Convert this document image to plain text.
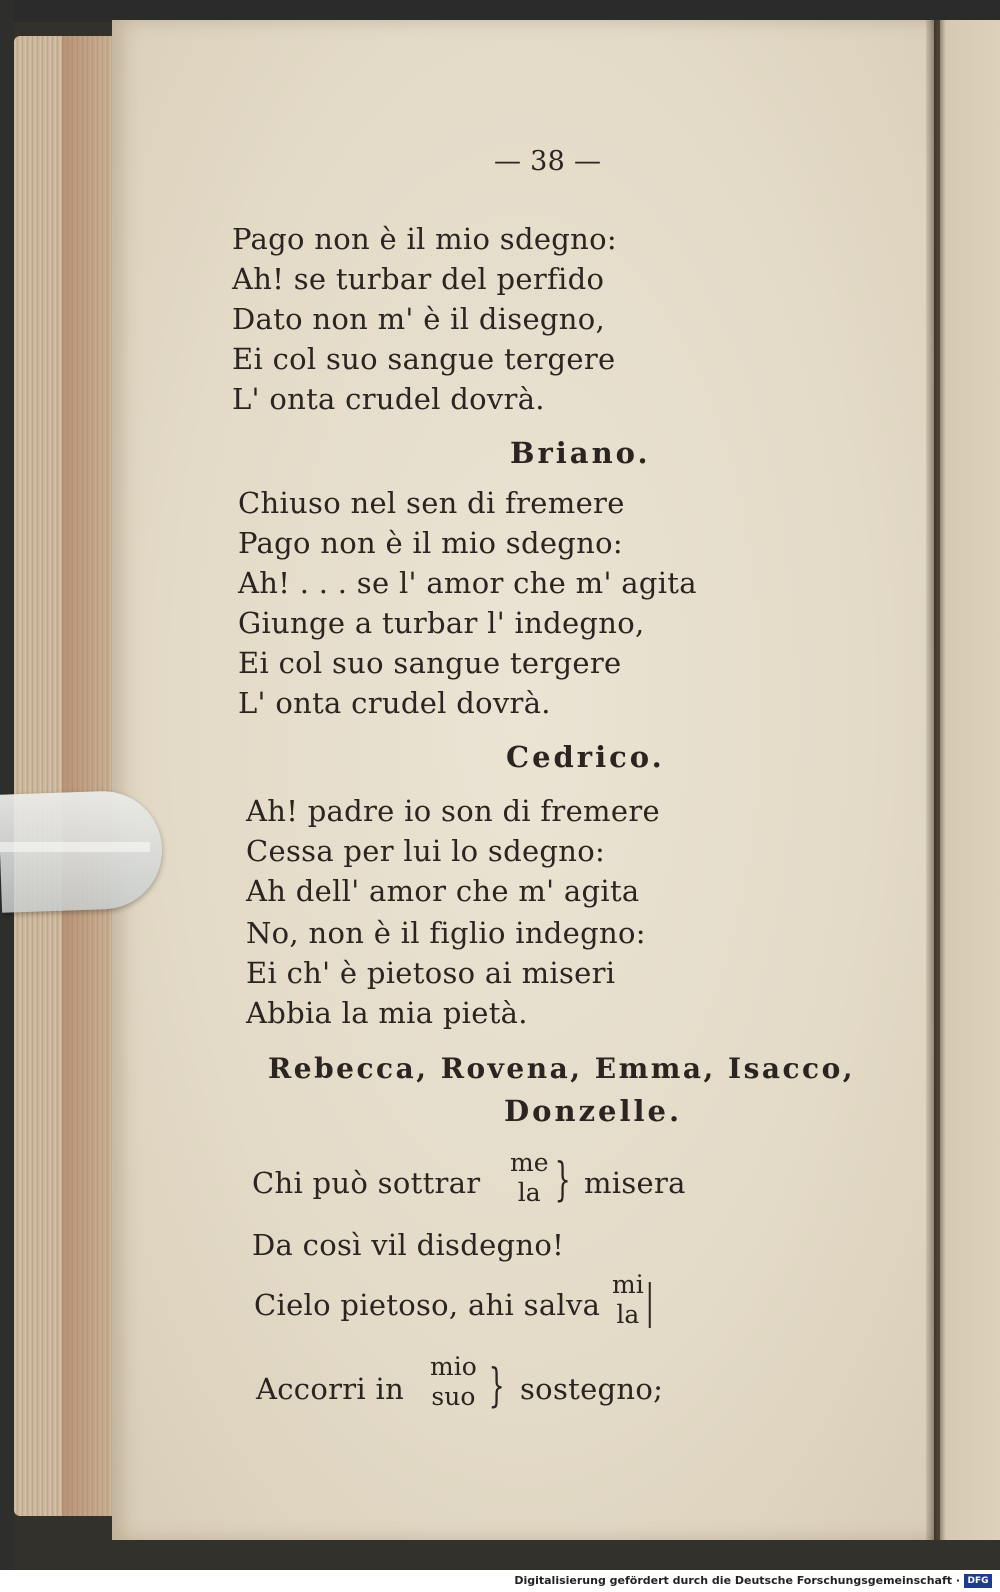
— 38 —
Pago non è il mio sdegno:
Ah! se turbar del perfido
Dato non m' è il disegno,
Ei col suo sangue tergere
L' onta crudel dovrà.
Briano.
Chiuso nel sen di fremere
Pago non è il mio sdegno:
Ah! . . . se l' amor che m' agita
Giunge a turbar l' indegno,
Ei col suo sangue tergere
L' onta crudel dovrà.
Cedrico.
Ah! padre io son di fremere
Cessa per lui lo sdegno:
Ah dell' amor che m' agita
No, non è il figlio indegno:
Ei ch' è pietoso ai miseri
Abbia la mia pietà.
Rebecca, Rovena, Emma, Isacco,
Donzelle.
Chi può sottrar
me
la } misera
Da così vil disdegno!
Cielo pietoso, ahi salva
mi
la |
Accorri in
mio
suo } sostegno;
Digitalisierung gefördert durch die Deutsche Forschungsgemeinschaft · DFG
